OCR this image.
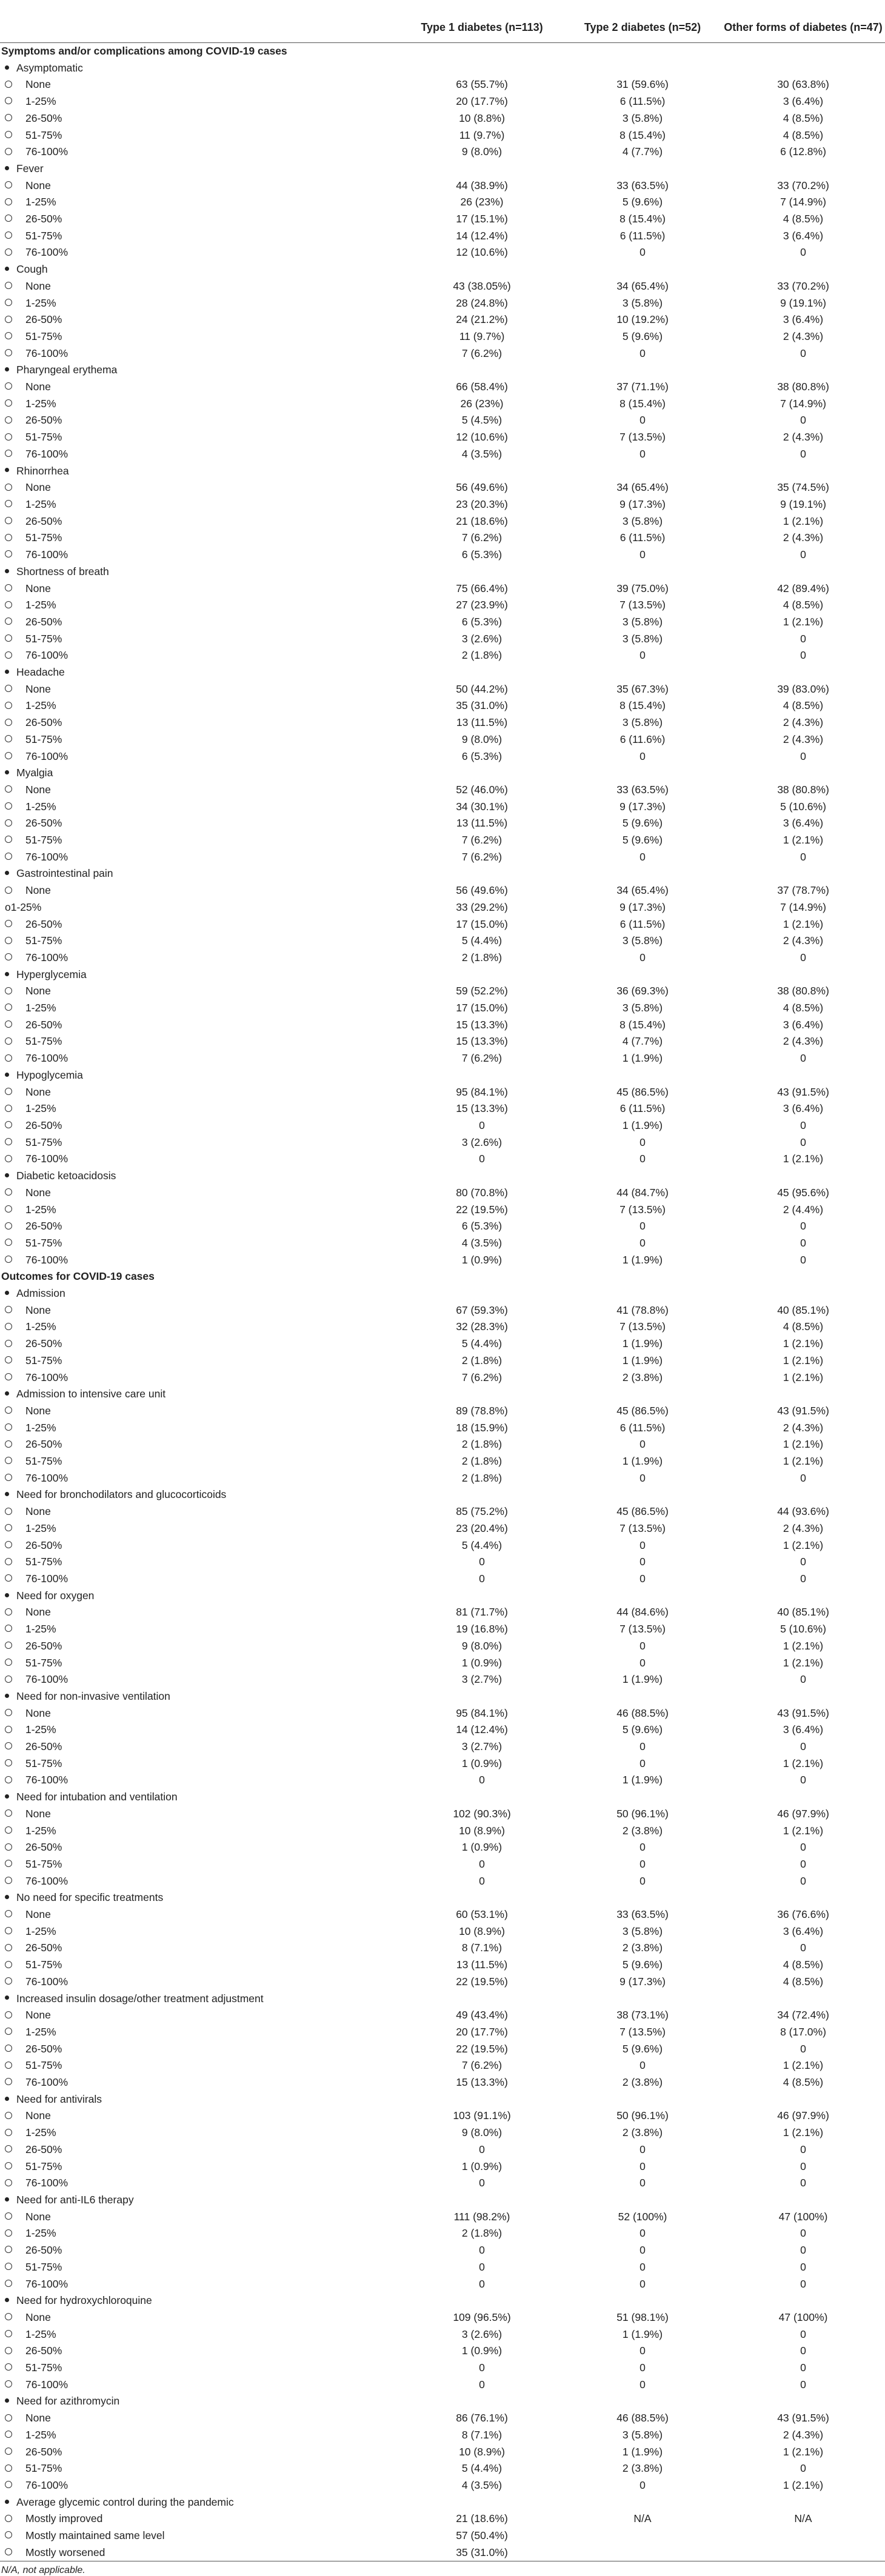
	Type 1 diabetes (n=113)	Type 2 diabetes (n=52)	Other forms of diabetes (n=47)
Symptoms and/or complications among COVID-19 cases			
Asymptomatic			
None	63 (55.7%)	31 (59.6%)	30 (63.8%)
1-25%	20 (17.7%)	6 (11.5%)	3 (6.4%)
26-50%	10 (8.8%)	3 (5.8%)	4 (8.5%)
51-75%	11 (9.7%)	8 (15.4%)	4 (8.5%)
76-100%	9 (8.0%)	4 (7.7%)	6 (12.8%)
Fever			
None	44 (38.9%)	33 (63.5%)	33 (70.2%)
1-25%	26 (23%)	5 (9.6%)	7 (14.9%)
26-50%	17 (15.1%)	8 (15.4%)	4 (8.5%)
51-75%	14 (12.4%)	6 (11.5%)	3 (6.4%)
76-100%	12 (10.6%)	0	0
Cough			
None	43 (38.05%)	34 (65.4%)	33 (70.2%)
1-25%	28 (24.8%)	3 (5.8%)	9 (19.1%)
26-50%	24 (21.2%)	10 (19.2%)	3 (6.4%)
51-75%	11 (9.7%)	5 (9.6%)	2 (4.3%)
76-100%	7 (6.2%)	0	0
Pharyngeal erythema			
None	66 (58.4%)	37 (71.1%)	38 (80.8%)
1-25%	26 (23%)	8 (15.4%)	7 (14.9%)
26-50%	5 (4.5%)	0	0
51-75%	12 (10.6%)	7 (13.5%)	2 (4.3%)
76-100%	4 (3.5%)	0	0
Rhinorrhea			
None	56 (49.6%)	34 (65.4%)	35 (74.5%)
1-25%	23 (20.3%)	9 (17.3%)	9 (19.1%)
26-50%	21 (18.6%)	3 (5.8%)	1 (2.1%)
51-75%	7 (6.2%)	6 (11.5%)	2 (4.3%)
76-100%	6 (5.3%)	0	0
Shortness of breath			
None	75 (66.4%)	39 (75.0%)	42 (89.4%)
1-25%	27 (23.9%)	7 (13.5%)	4 (8.5%)
26-50%	6 (5.3%)	3 (5.8%)	1 (2.1%)
51-75%	3 (2.6%)	3 (5.8%)	0
76-100%	2 (1.8%)	0	0
Headache			
None	50 (44.2%)	35 (67.3%)	39 (83.0%)
1-25%	35 (31.0%)	8 (15.4%)	4 (8.5%)
26-50%	13 (11.5%)	3 (5.8%)	2 (4.3%)
51-75%	9 (8.0%)	6 (11.6%)	2 (4.3%)
76-100%	6 (5.3%)	0	0
Myalgia			
None	52 (46.0%)	33 (63.5%)	38 (80.8%)
1-25%	34 (30.1%)	9 (17.3%)	5 (10.6%)
26-50%	13 (11.5%)	5 (9.6%)	3 (6.4%)
51-75%	7 (6.2%)	5 (9.6%)	1 (2.1%)
76-100%	7 (6.2%)	0	0
Gastrointestinal pain			
None	56 (49.6%)	34 (65.4%)	37 (78.7%)
o1-25%	33 (29.2%)	9 (17.3%)	7 (14.9%)
26-50%	17 (15.0%)	6 (11.5%)	1 (2.1%)
51-75%	5 (4.4%)	3 (5.8%)	2 (4.3%)
76-100%	2 (1.8%)	0	0
Hyperglycemia			
None	59 (52.2%)	36 (69.3%)	38 (80.8%)
1-25%	17 (15.0%)	3 (5.8%)	4 (8.5%)
26-50%	15 (13.3%)	8 (15.4%)	3 (6.4%)
51-75%	15 (13.3%)	4 (7.7%)	2 (4.3%)
76-100%	7 (6.2%)	1 (1.9%)	0
Hypoglycemia			
None	95 (84.1%)	45 (86.5%)	43 (91.5%)
1-25%	15 (13.3%)	6 (11.5%)	3 (6.4%)
26-50%	0	1 (1.9%)	0
51-75%	3 (2.6%)	0	0
76-100%	0	0	1 (2.1%)
Diabetic ketoacidosis			
None	80 (70.8%)	44 (84.7%)	45 (95.6%)
1-25%	22 (19.5%)	7 (13.5%)	2 (4.4%)
26-50%	6 (5.3%)	0	0
51-75%	4 (3.5%)	0	0
76-100%	1 (0.9%)	1 (1.9%)	0
Outcomes for COVID-19 cases			
Admission			
None	67 (59.3%)	41 (78.8%)	40 (85.1%)
1-25%	32 (28.3%)	7 (13.5%)	4 (8.5%)
26-50%	5 (4.4%)	1 (1.9%)	1 (2.1%)
51-75%	2 (1.8%)	1 (1.9%)	1 (2.1%)
76-100%	7 (6.2%)	2 (3.8%)	1 (2.1%)
Admission to intensive care unit			
None	89 (78.8%)	45 (86.5%)	43 (91.5%)
1-25%	18 (15.9%)	6 (11.5%)	2 (4.3%)
26-50%	2 (1.8%)	0	1 (2.1%)
51-75%	2 (1.8%)	1 (1.9%)	1 (2.1%)
76-100%	2 (1.8%)	0	0
Need for bronchodilators and glucocorticoids			
None	85 (75.2%)	45 (86.5%)	44 (93.6%)
1-25%	23 (20.4%)	7 (13.5%)	2 (4.3%)
26-50%	5 (4.4%)	0	1 (2.1%)
51-75%	0	0	0
76-100%	0	0	0
Need for oxygen			
None	81 (71.7%)	44 (84.6%)	40 (85.1%)
1-25%	19 (16.8%)	7 (13.5%)	5 (10.6%)
26-50%	9 (8.0%)	0	1 (2.1%)
51-75%	1 (0.9%)	0	1 (2.1%)
76-100%	3 (2.7%)	1 (1.9%)	0
Need for non-invasive ventilation			
None	95 (84.1%)	46 (88.5%)	43 (91.5%)
1-25%	14 (12.4%)	5 (9.6%)	3 (6.4%)
26-50%	3 (2.7%)	0	0
51-75%	1 (0.9%)	0	1 (2.1%)
76-100%	0	1 (1.9%)	0
Need for intubation and ventilation			
None	102 (90.3%)	50 (96.1%)	46 (97.9%)
1-25%	10 (8.9%)	2 (3.8%)	1 (2.1%)
26-50%	1 (0.9%)	0	0
51-75%	0	0	0
76-100%	0	0	0
No need for specific treatments			
None	60 (53.1%)	33 (63.5%)	36 (76.6%)
1-25%	10 (8.9%)	3 (5.8%)	3 (6.4%)
26-50%	8 (7.1%)	2 (3.8%)	0
51-75%	13 (11.5%)	5 (9.6%)	4 (8.5%)
76-100%	22 (19.5%)	9 (17.3%)	4 (8.5%)
Increased insulin dosage/other treatment adjustment			
None	49 (43.4%)	38 (73.1%)	34 (72.4%)
1-25%	20 (17.7%)	7 (13.5%)	8 (17.0%)
26-50%	22 (19.5%)	5 (9.6%)	0
51-75%	7 (6.2%)	0	1 (2.1%)
76-100%	15 (13.3%)	2 (3.8%)	4 (8.5%)
Need for antivirals			
None	103 (91.1%)	50 (96.1%)	46 (97.9%)
1-25%	9 (8.0%)	2 (3.8%)	1 (2.1%)
26-50%	0	0	0
51-75%	1 (0.9%)	0	0
76-100%	0	0	0
Need for anti-IL6 therapy			
None	111 (98.2%)	52 (100%)	47 (100%)
1-25%	2 (1.8%)	0	0
26-50%	0	0	0
51-75%	0	0	0
76-100%	0	0	0
Need for hydroxychloroquine			
None	109 (96.5%)	51 (98.1%)	47 (100%)
1-25%	3 (2.6%)	1 (1.9%)	0
26-50%	1 (0.9%)	0	0
51-75%	0	0	0
76-100%	0	0	0
Need for azithromycin			
None	86 (76.1%)	46 (88.5%)	43 (91.5%)
1-25%	8 (7.1%)	3 (5.8%)	2 (4.3%)
26-50%	10 (8.9%)	1 (1.9%)	1 (2.1%)
51-75%	5 (4.4%)	2 (3.8%)	0
76-100%	4 (3.5%)	0	1 (2.1%)
Average glycemic control during the pandemic			
Mostly improved	21 (18.6%)	N/A	N/A
Mostly maintained same level	57 (50.4%)		
Mostly worsened	35 (31.0%)		
N/A, not applicable.
